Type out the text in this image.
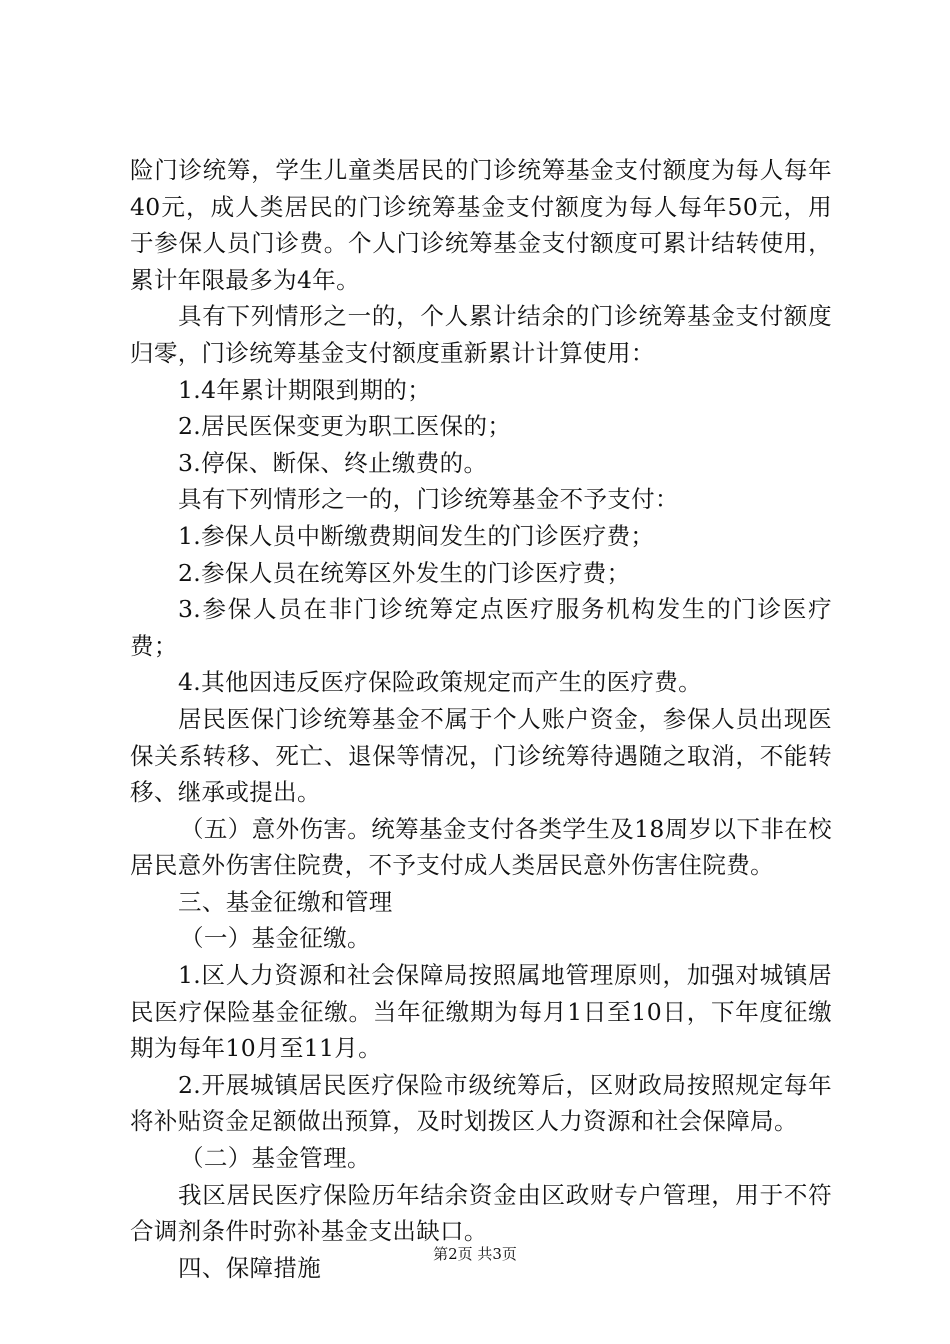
险门诊统筹，学生儿童类居民的门诊统筹基金支付额度为每人每年40元，成人类居民的门诊统筹基金支付额度为每人每年50元，用于参保人员门诊费。个人门诊统筹基金支付额度可累计结转使用，累计年限最多为4年。

具有下列情形之一的，个人累计结余的门诊统筹基金支付额度归零，门诊统筹基金支付额度重新累计计算使用：

1.4年累计期限到期的；

2.居民医保变更为职工医保的；

3.停保、断保、终止缴费的。

具有下列情形之一的，门诊统筹基金不予支付：

1.参保人员中断缴费期间发生的门诊医疗费；

2.参保人员在统筹区外发生的门诊医疗费；

3.参保人员在非门诊统筹定点医疗服务机构发生的门诊医疗费；

4.其他因违反医疗保险政策规定而产生的医疗费。

居民医保门诊统筹基金不属于个人账户资金，参保人员出现医保关系转移、死亡、退保等情况，门诊统筹待遇随之取消，不能转移、继承或提出。

（五）意外伤害。统筹基金支付各类学生及18周岁以下非在校居民意外伤害住院费，不予支付成人类居民意外伤害住院费。

三、基金征缴和管理

（一）基金征缴。

1.区人力资源和社会保障局按照属地管理原则，加强对城镇居民医疗保险基金征缴。当年征缴期为每月1日至10日，下年度征缴期为每年10月至11月。

2.开展城镇居民医疗保险市级统筹后，区财政局按照规定每年将补贴资金足额做出预算，及时划拨区人力资源和社会保障局。

（二）基金管理。

我区居民医疗保险历年结余资金由区政财专户管理，用于不符合调剂条件时弥补基金支出缺口。

四、保障措施	第2页 共3页
